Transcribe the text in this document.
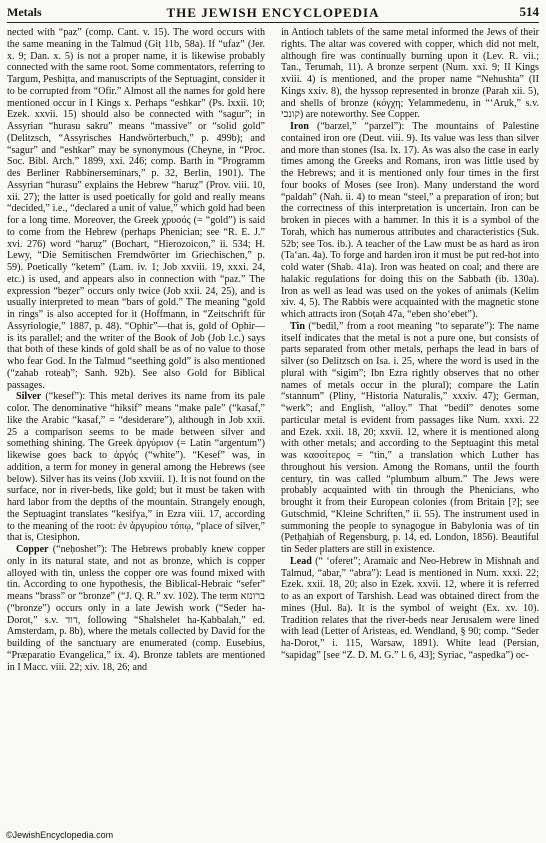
Metals	THE JEWISH ENCYCLOPEDIA	514

nected with “paz” (comp. Cant. v. 15). The word occurs with the same meaning in the Talmud (Giṭ 11b, 58a). If “ufaz” (Jer. x. 9; Dan. x. 5) is not a proper name, it is likewise probably connected with the same root. Some commentators, referring to Targum, Peshiṭta, and manuscripts of the Septuagint, consider it to be corrupted from “Ofir.” Almost all the names for gold here mentioned occur in I Kings x. Perhaps “eshkar” (Ps. lxxii. 10; Ezek. xxvii. 15) should also be connected with “sagur”; in Assyrian “hurasu sakru” means “massive” or “solid gold” (Delitzsch, “Assyrisches Handwörterbuch,” p. 499b); and “sagur” and “eshkar” may be synonymous (Cheyne, in “Proc. Soc. Bibl. Arch.” 1899, xxi. 246; comp. Barth in “Programm des Berliner Rabbinerseminars,” p. 32, Berlin, 1901). The Assyrian “hurasu” explains the Hebrew “haruẓ” (Prov. viii. 10, xii. 27); the latter is used poetically for gold and really means “decided,” i.e., “declared a unit of value,” which gold had been for a long time. Moreover, the Greek χρυσός (= “gold”) is said to come from the Hebrew (perhaps Phenician; see “R. E. J.” xvi. 276) word “haruẓ” (Bochart, “Hierozoicon,” ii. 534; H. Lewy, “Die Semitischen Fremdwörter im Griechischen,” p. 59). Poetically “ketem” (Lam. iv. 1; Job xxviii. 19, xxxi. 24, etc.) is used, and appears also in connection with “paz.” The expression “beẓer” occurs only twice (Job xxii. 24, 25), and is usually interpreted to mean “bars of gold.” The meaning “gold in rings” is also accepted for it (Hoffmann, in “Zeitschrift für Assyriologie,” 1887, p. 48). “Ophir”—that is, gold of Ophir—is its parallel; and the writer of the Book of Job (Job l.c.) says that both of these kinds of gold shall be as of no value to those who fear God. In the Talmud “seething gold” is also mentioned (“zahab roteaḥ”; Sanh. 92b). See also Gold for Biblical passages.

Silver (“kesef”): This metal derives its name from its pale color. The denominative “hiksif” means “make pale” (“kasaf,” like the Arabic “kasaf,” = “desiderare”), although in Job xxii. 25 a comparison seems to be made between silver and something shining. The Greek ἀργύριον (= Latin “argentum”) likewise goes back to ἀργός (“white”). “Kesef” was, in addition, a term for money in general among the Hebrews (see below). Silver has its veins (Job xxviii. 1). It is not found on the surface, nor in river-beds, like gold; but it must be taken with hard labor from the depths of the mountain. Strangely enough, the Septuagint translates “kesifya,” in Ezra viii. 17, according to the meaning of the root: ἐν ἀργυρίου τόπῳ, “place of silver,” that is, Ctesiphon.

Copper (“neḥoshet”): The Hebrews probably knew copper only in its natural state, and not as bronze, which is copper alloyed with tin, unless the copper ore was found mixed with tin. According to one hypothesis, the Biblical-Hebraic “sefer” means “brass” or “bronze” (“J. Q. R.” xv. 102). The term ברונזא (“bronze”) occurs only in a late Jewish work (“Seder ha-Dorot,” s.v. דוד, following “Shalshelet ha-Ḳabbalah,” ed. Amsterdam, p. 8b), where the metals collected by David for the building of the sanctuary are enumerated (comp. Eusebius, “Præparatio Evangelica,” ix. 4). Bronze tablets are mentioned in I Macc. viii. 22; xiv. 18, 26; and

in Antioch tablets of the same metal informed the Jews of their rights. The altar was covered with copper, which did not melt, although fire was continually burning upon it (Lev. R. vii.; Tan., Terumah, 11). A bronze serpent (Num. xxi. 9; II Kings xviii. 4) is mentioned, and the proper name “Nehushta” (II Kings xxiv. 8), the hyssop represented in bronze (Parah xii. 5), and shells of bronze (κόγχη; Yelammedenu, in “‘Aruk,” s.v. קונכי) are noteworthy. See Copper.

Iron (“barzel,” “parzel”): The mountains of Palestine contained iron ore (Deut. viii. 9). Its value was less than silver and more than stones (Isa. lx. 17). As was also the case in early times among the Greeks and Romans, iron was little used by the Hebrews; and it is mentioned only four times in the first four books of Moses (see Iron). Many understand the word “paldah” (Nah. ii. 4) to mean “steel,” a preparation of iron; but the correctness of this interpretation is uncertain. Iron can be broken in pieces with a hammer. In this it is a symbol of the Torah, which has numerous attributes and characteristics (Suk. 52b; see Tos. ib.). A teacher of the Law must be as hard as iron (Ta‘an. 4a). To forge and harden iron it must be put red-hot into cold water (Shab. 41a). Iron was heated on coal; and there are halakic regulations for doing this on the Sabbath (ib. 130a). Iron as well as lead was used on the yokes of animals (Kelim xiv. 4, 5). The Rabbis were acquainted with the magnetic stone which attracts iron (Soṭah 47a, “eben sho‘ebet”).

Tin (“bedil,” from a root meaning “to separate”): The name itself indicates that the metal is not a pure one, but consists of parts separated from other metals, perhaps the lead in bars of silver (so Delitzsch on Isa. i. 25, where the word is used in the plural with “sigim”; Ibn Ezra rightly observes that no other names of metals occur in the plural); compare the Latin “stannum” (Pliny, “Historia Naturalis,” xxxiv. 47); German, “werk”; and English, “alloy.” That “bedil” denotes some particular metal is evident from passages like Num. xxxi. 22 and Ezek. xxii. 18, 20; xxvii. 12, where it is mentioned along with other metals; and according to the Septuagint this metal was κασσίτερος = “tin,” a translation which Luther has throughout his version. Among the Romans, until the fourth century, tin was called “plumbum album.” The Jews were probably acquainted with tin through the Phenicians, who brought it from their European colonies (from Britain [?]; see Gutschmid, “Kleine Schriften,” ii. 55). The instrument used in summoning the people to synagogue in Babylonia was of tin (Petḥaḥiah of Regensburg, p. 14, ed. London, 1856). Beautiful tin Seder platters are still in existence.

Lead (“ ‘oferet”; Aramaic and Neo-Hebrew in Mishnah and Talmud, “abar,” “abra”): Lead is mentioned in Num. xxxi. 22; Ezek. xxii. 18, 20; also in Ezek. xxvii. 12, where it is referred to as an export of Tarshish. Lead was obtained direct from the mines (Ḥul. 8a). It is the symbol of weight (Ex. xv. 10). Tradition relates that the river-beds near Jerusalem were lined with lead (Letter of Aristeas, ed. Wendland, § 90; comp. “Seder ha-Dorot,” i. 115, Warsaw, 1891). White lead (Persian, “sapidag” [see “Z. D. M. G.” l. 6, 43]; Syriac, “aspedka”) oc-

©JewishEncyclopedia.com
